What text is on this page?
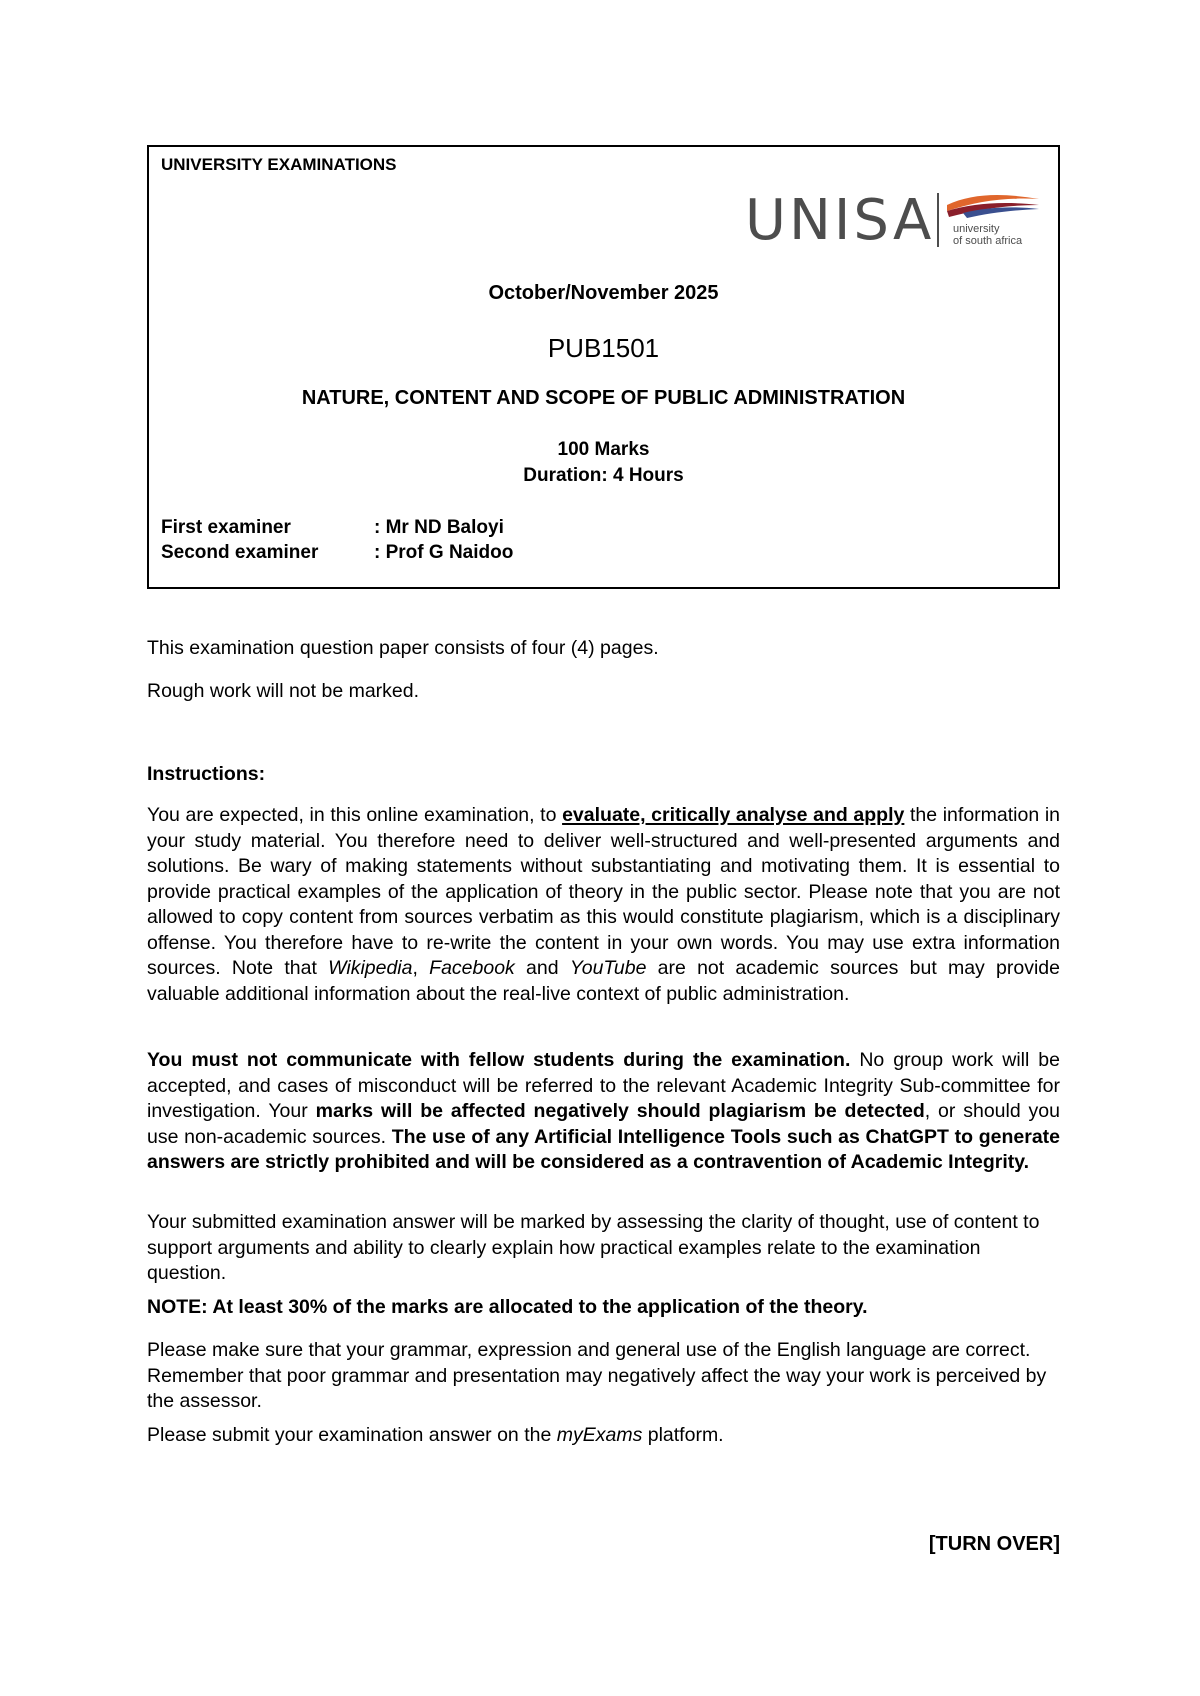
UNIVERSITY EXAMINATIONS
UNISA university
of south africa
October/November 2025
PUB1501
NATURE, CONTENT AND SCOPE OF PUBLIC ADMINISTRATION
100 Marks
Duration: 4 Hours
First examiner	: Mr ND Baloyi
Second examiner	: Prof G Naidoo
This examination question paper consists of four (4) pages.
Rough work will not be marked.
Instructions:
You are expected, in this online examination, to evaluate, critically analyse and apply the information in your study material. You therefore need to deliver well-structured and well-presented arguments and solutions. Be wary of making statements without substantiating and motivating them. It is essential to provide practical examples of the application of theory in the public sector. Please note that you are not allowed to copy content from sources verbatim as this would constitute plagiarism, which is a disciplinary offense. You therefore have to re-write the content in your own words. You may use extra information sources. Note that Wikipedia, Facebook and YouTube are not academic sources but may provide valuable additional information about the real-live context of public administration.
You must not communicate with fellow students during the examination. No group work will be accepted, and cases of misconduct will be referred to the relevant Academic Integrity Sub-committee for investigation. Your marks will be affected negatively should plagiarism be detected, or should you use non-academic sources. The use of any Artificial Intelligence Tools such as ChatGPT to generate answers are strictly prohibited and will be considered as a contravention of Academic Integrity.
Your submitted examination answer will be marked by assessing the clarity of thought, use of content to support arguments and ability to clearly explain how practical examples relate to the examination question.
NOTE: At least 30% of the marks are allocated to the application of the theory.
Please make sure that your grammar, expression and general use of the English language are correct. Remember that poor grammar and presentation may negatively affect the way your work is perceived by the assessor.
Please submit your examination answer on the myExams platform.
[TURN OVER]
